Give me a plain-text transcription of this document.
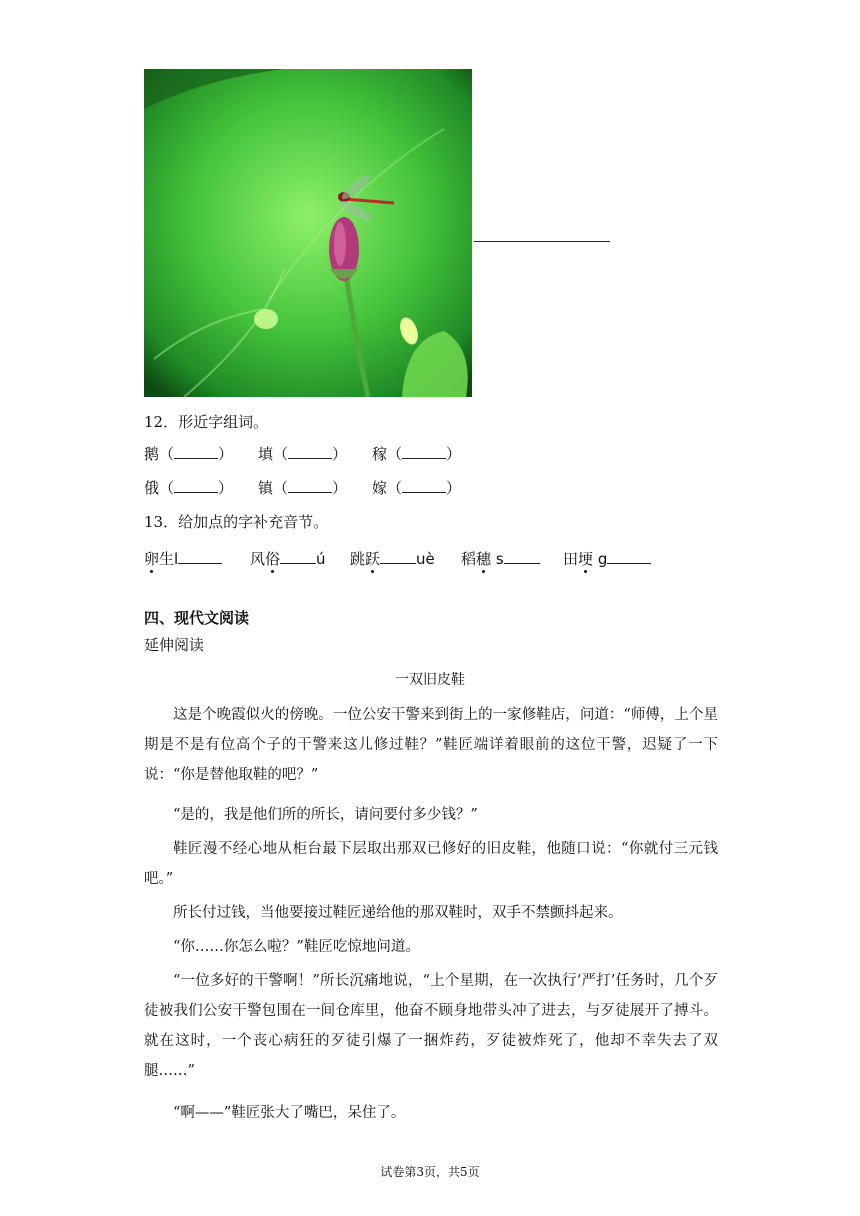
12．形近字组词。
鹅（	） 填（	） 稼（	）
俄（	） 镇（	） 嫁（	）
13．给加点的字补充音节。
卵生l	风俗 ú 跳跃 uè 稻穗 s	田埂 g
四、现代文阅读
延伸阅读
一双旧皮鞋
这是个晚霞似火的傍晚。一位公安干警来到街上的一家修鞋店，问道：“师傅，上个星期是不是有位高个子的干警来这儿修过鞋？”鞋匠端详着眼前的这位干警，迟疑了一下说：“你是替他取鞋的吧？”
“是的，我是他们所的所长，请问要付多少钱？”
鞋匠漫不经心地从柜台最下层取出那双已修好的旧皮鞋，他随口说：“你就付三元钱吧。”
所长付过钱，当他要接过鞋匠递给他的那双鞋时，双手不禁颤抖起来。
“你……你怎么啦？”鞋匠吃惊地问道。
“一位多好的干警啊！”所长沉痛地说，“上个星期，在一次执行‘严打’任务时，几个歹徒被我们公安干警包围在一间仓库里，他奋不顾身地带头冲了进去，与歹徒展开了搏斗。就在这时，一个丧心病狂的歹徒引爆了一捆炸药，歹徒被炸死了，他却不幸失去了双腿……”
“啊——”鞋匠张大了嘴巴，呆住了。
试卷第3页，共5页
